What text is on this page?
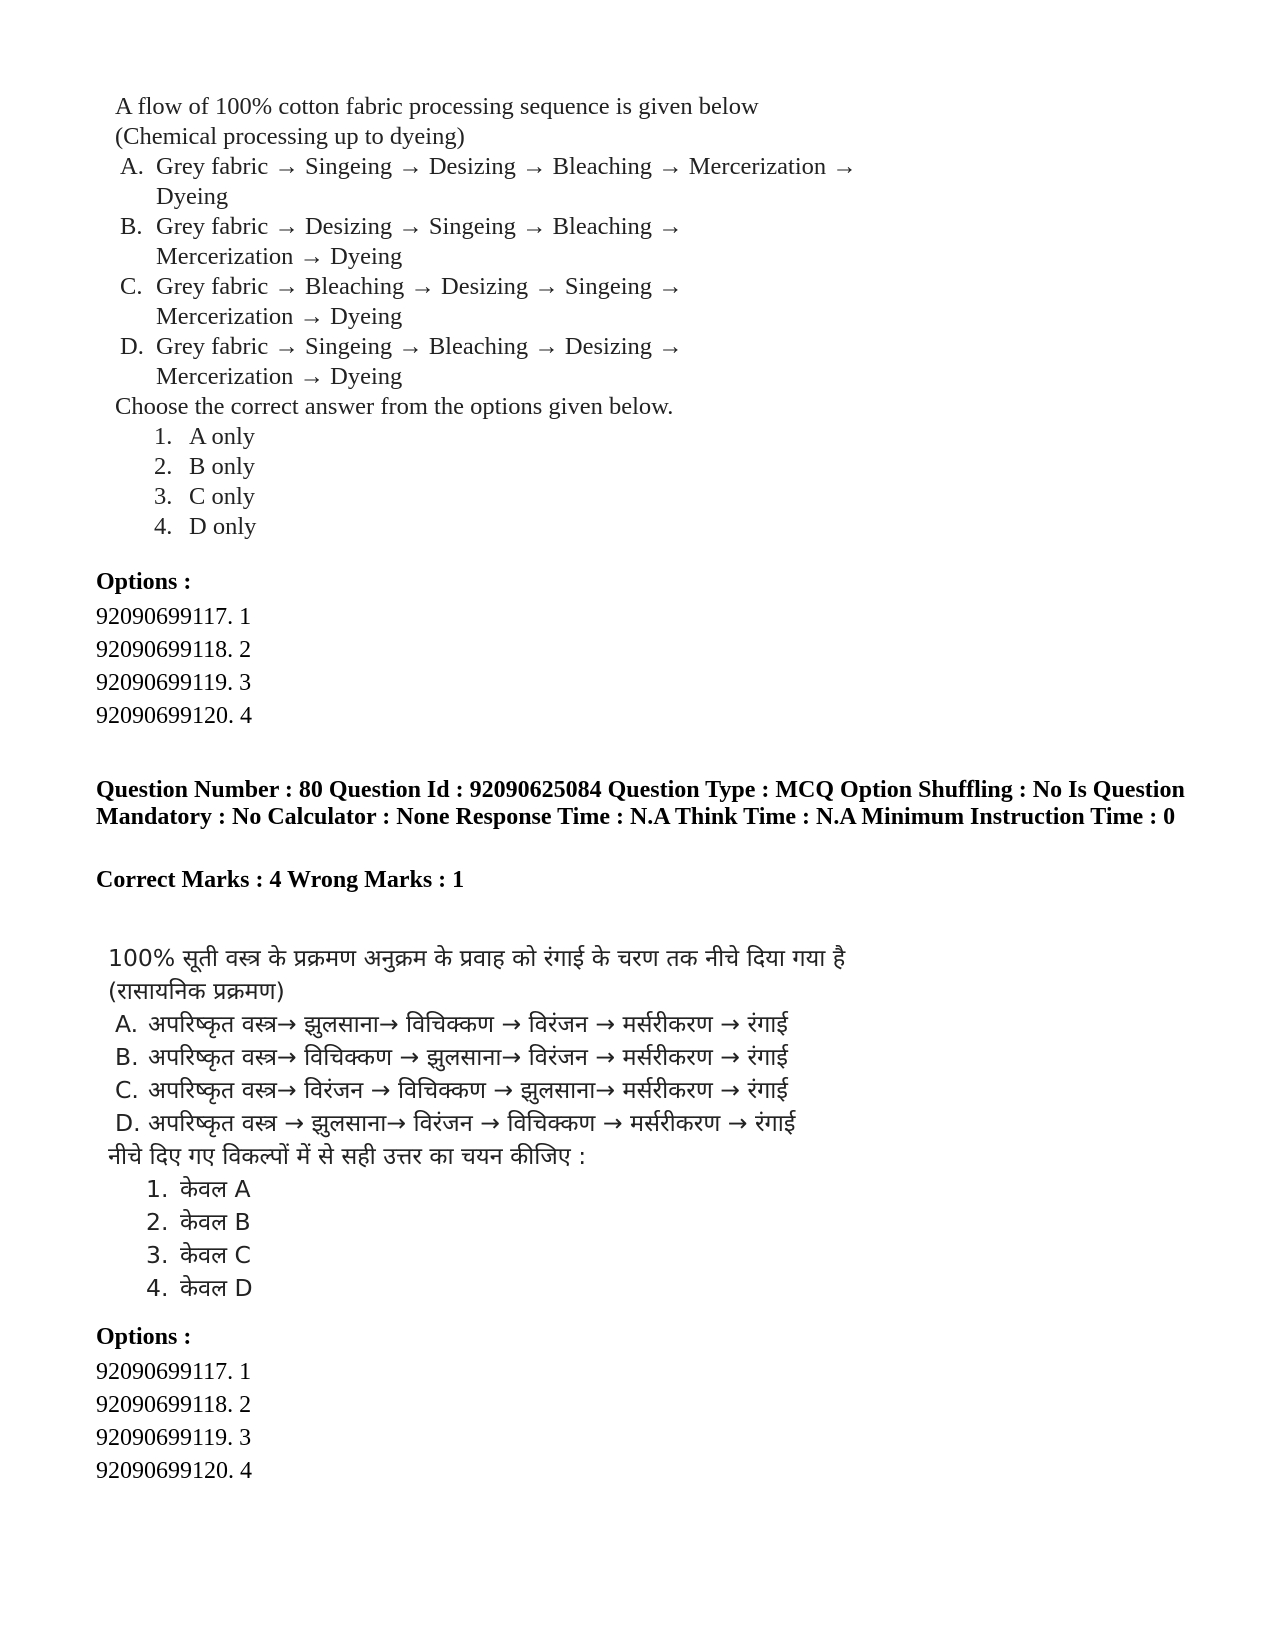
A flow of 100% cotton fabric processing sequence is given below
(Chemical processing up to dyeing)
A. Grey fabric → Singeing → Desizing → Bleaching → Mercerization →
Dyeing
B. Grey fabric → Desizing → Singeing → Bleaching →
Mercerization → Dyeing
C. Grey fabric → Bleaching → Desizing → Singeing →
Mercerization → Dyeing
D. Grey fabric → Singeing → Bleaching → Desizing →
Mercerization → Dyeing
Choose the correct answer from the options given below.
1. A only
2. B only
3. C only
4. D only
Options :
92090699117. 1
92090699118. 2
92090699119. 3
92090699120. 4
Question Number : 80 Question Id : 92090625084 Question Type : MCQ Option Shuffling : No Is Question Mandatory : No Calculator : None Response Time : N.A Think Time : N.A Minimum Instruction Time : 0
Correct Marks : 4 Wrong Marks : 1
100% सूती वस्त्र के प्रक्रमण अनुक्रम के प्रवाह को रंगाई के चरण तक नीचे दिया गया है
(रासायनिक प्रक्रमण)
A. अपरिष्कृत वस्त्र→ झुलसाना→ विचिक्कण → विरंजन → मर्सरीकरण → रंगाई
B. अपरिष्कृत वस्त्र→ विचिक्कण → झुलसाना→ विरंजन → मर्सरीकरण → रंगाई
C. अपरिष्कृत वस्त्र→ विरंजन → विचिक्कण → झुलसाना→ मर्सरीकरण → रंगाई
D. अपरिष्कृत वस्त्र → झुलसाना→ विरंजन → विचिक्कण → मर्सरीकरण → रंगाई
नीचे दिए गए विकल्पों में से सही उत्तर का चयन कीजिए :
1. केवल A
2. केवल B
3. केवल C
4. केवल D
Options :
92090699117. 1
92090699118. 2
92090699119. 3
92090699120. 4
